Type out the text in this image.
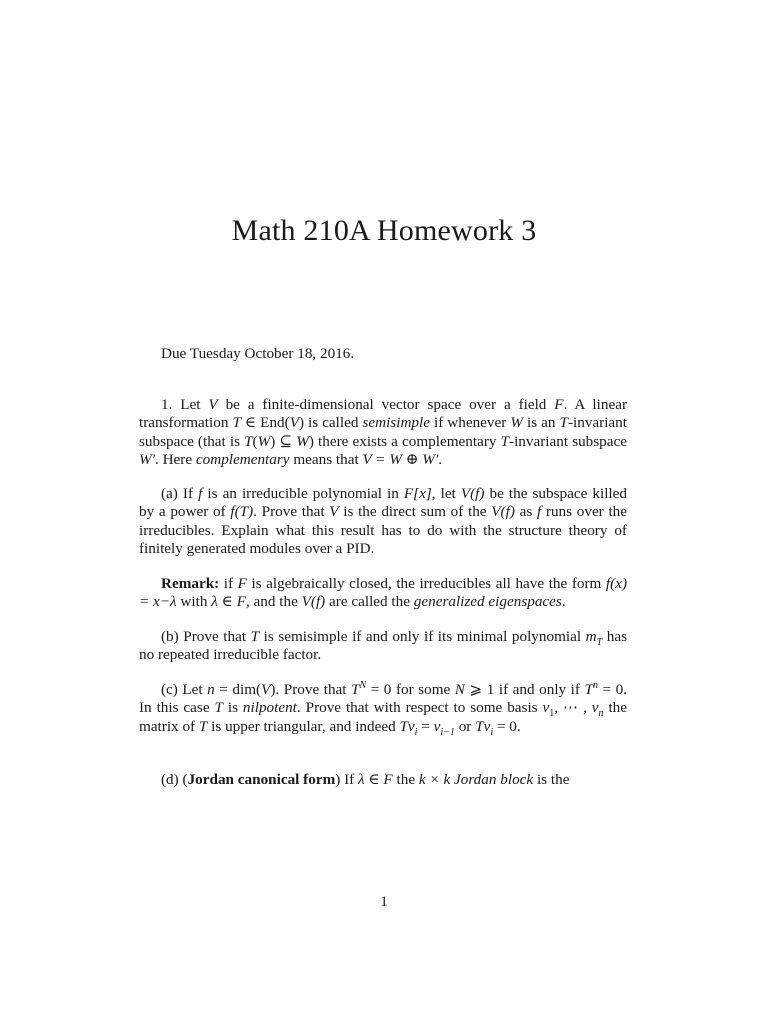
Math 210A Homework 3
Due Tuesday October 18, 2016.
1. Let V be a finite-dimensional vector space over a field F. A linear transformation T ∈ End(V) is called semisimple if whenever W is an T-invariant subspace (that is T(W) ⊆ W) there exists a complementary T-invariant subspace W′. Here complementary means that V = W ⊕ W′.
(a) If f is an irreducible polynomial in F[x], let V(f) be the subspace killed by a power of f(T). Prove that V is the direct sum of the V(f) as f runs over the irreducibles. Explain what this result has to do with the structure theory of finitely generated modules over a PID.
Remark: if F is algebraically closed, the irreducibles all have the form f(x) = x−λ with λ ∈ F, and the V(f) are called the generalized eigenspaces.
(b) Prove that T is semisimple if and only if its minimal polynomial $m_T$ has no repeated irreducible factor.
(c) Let n = dim(V). Prove that $T^N = 0$ for some N ⩾ 1 if and only if $T^n = 0$. In this case T is nilpotent. Prove that with respect to some basis $v_1$, ⋯ , $v_n$ the matrix of T is upper triangular, and indeed $Tv_i = v_{i-1}$ or $Tv_i = 0$.
(d) (Jordan canonical form) If λ ∈ F the k × k Jordan block is the
1
